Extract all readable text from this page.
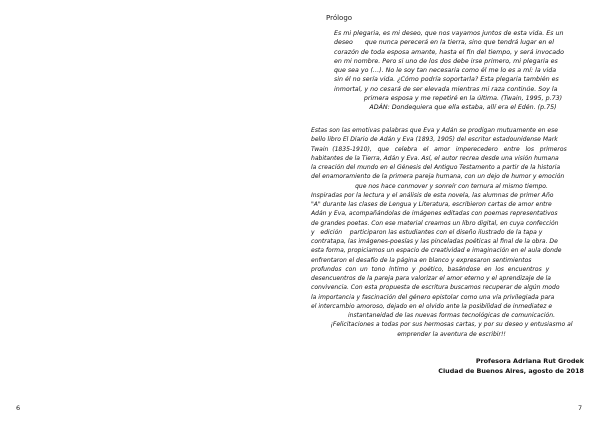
6
Prólogo
Es mi plegaria, es mi deseo, que nos vayamos juntos de esta vida. Es un
deseo      que nunca perecerá en la tierra, sino que tendrá lugar en el
corazón de toda esposa amante, hasta el fin del tiempo, y será invocado
en mi nombre. Pero si uno de los dos debe irse primero, mi plegaria es
que sea yo (…). No le soy tan necesaria como él me lo es a mí: la vida
sin él no sería vida. ¿Cómo podría soportarla? Esta plegaria también es
inmortal, y no cesará de ser elevada mientras mi raza continúe. Soy la
primera esposa y me repetiré en la última. (Twain, 1995, p.73)
ADÁN: Dondequiera que ella estaba, allí era el Edén. (p.75)
Estas son las emotivas palabras que Eva y Adán se prodigan mutuamente en ese
bello libro El Diario de Adán y Eva (1893, 1905) del escritor estadounidense Mark
Twain  (1835-1910),   que   celebra   el   amor   imperecedero   entre   los   primeros
habitantes de la Tierra, Adán y Eva. Así, el autor recrea desde una visión humana
la creación del mundo en el Génesis del Antiguo Testamento a partir de la historia
del enamoramiento de la primera pareja humana, con un dejo de humor y emoción
que nos hace conmover y sonreír con ternura al mismo tiempo.
Inspiradas por la lectura y el análisis de esta novela, las alumnas de primer Año
"A" durante las clases de Lengua y Literatura, escribieron cartas de amor entre
Adán y Eva, acompañándolas de imágenes editadas con poemas representativos
de grandes poetas. Con ese material creamos un libro digital, en cuya confección
y   edición    participaron las estudiantes con el diseño ilustrado de la tapa y
contratapa, las imágenes-poesías y las pinceladas poéticas al final de la obra. De
esta forma, propiciamos un espacio de creatividad e imaginación en el aula donde
enfrentaron el desafío de la página en blanco y expresaron sentimientos
profundos  con  un  tono  íntimo  y  poético,  basándose  en  los  encuentros  y
desencuentros de la pareja para valorizar el amor eterno y el aprendizaje de la
convivencia. Con esta propuesta de escritura buscamos recuperar de algún modo
la importancia y fascinación del género epistolar como una vía privilegiada para
el intercambio amoroso, dejado en el olvido ante la posibilidad de inmediatez e
instantaneidad de las nuevas formas tecnológicas de comunicación.
¡Felicitaciones a todas por sus hermosas cartas, y por su deseo y entusiasmo al
emprender la aventura de escribir!!
Profesora Adriana Rut Grodek
Ciudad de Buenos Aires, agosto de 2018
7
